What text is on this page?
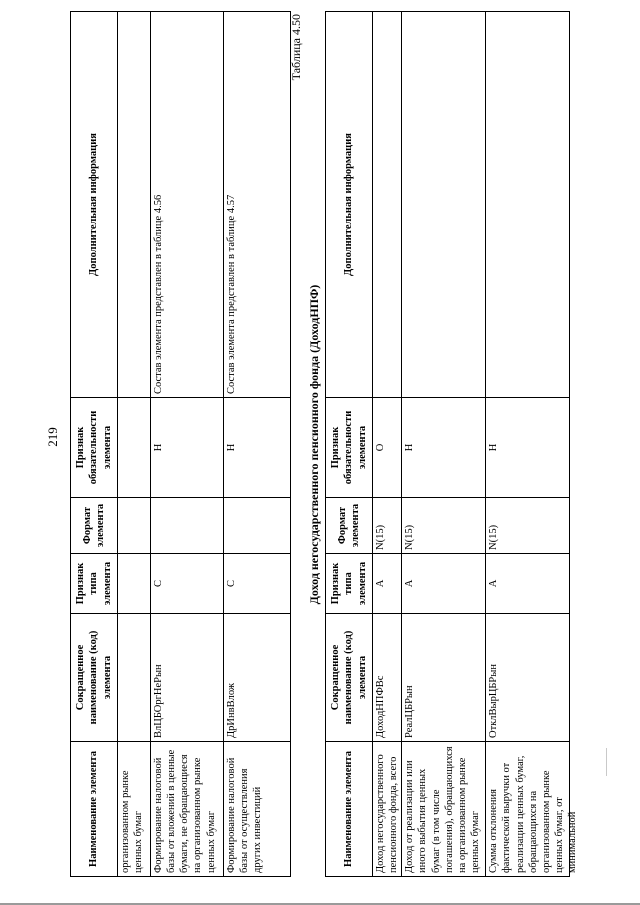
219
Наименование элемента	Сокращенное наименование (код) элемента	Признак типа элемента	Формат элемента	Признак обязательности элемента	Дополнительная информация
организованном рынке ценных бумаг					
Формирование налоговой базы от вложений в ценные бумаги, не обращающиеся на организованном рынке ценных бумаг	ВлЦБОргНеРын	С		Н	Состав элемента представлен в таблице 4.56
Формирование налоговой базы от осуществления других инвестиций	ДрИнвВлож	С		Н	Состав элемента представлен в таблице 4.57
Таблица 4.50
Доход негосударственного пенсионного фонда (ДоходНПФ)
Наименование элемента	Сокращенное наименование (код) элемента	Признак типа элемента	Формат элемента	Признак обязательности элемента	Дополнительная информация
Доход негосударственного пенсионного фонда, всего	ДоходНПФВс	А	N(15)	О	
Доход от реализации или иного выбытия ценных бумаг (в том числе погашения), обращающихся на организованном рынке ценных бумаг	РеалЦБРын	А	N(15)	Н	

Сумма отклонения фактической выручки от реализации ценных бумаг, обращающихся на организованном рынке ценных бумаг, от минимальной	ОтклВырЦБРын	А	N(15)	Н	
